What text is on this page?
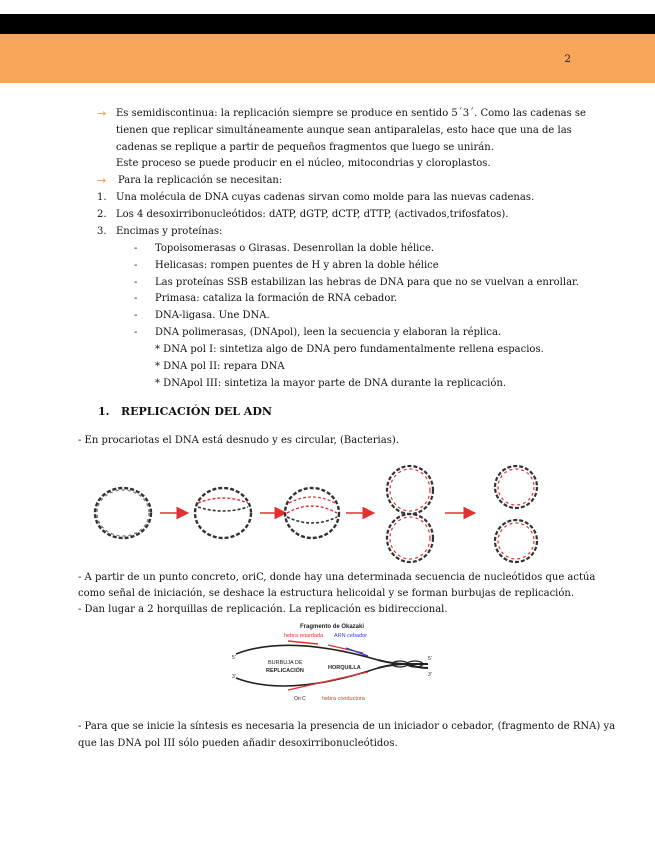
2
→ Es semidiscontinua: la replicación siempre se produce en sentido 5´3´. Como las cadenas se
tienen que replicar simultáneamente aunque sean antiparalelas, esto hace que una de las
cadenas se replique a partir de pequeños fragmentos que luego se unirán.
Este proceso se puede producir en el núcleo, mitocondrias y cloroplastos.
→ Para la replicación se necesitan:
1. Una molécula de DNA cuyas cadenas sirvan como molde para las nuevas cadenas.
2. Los 4 desoxirribonucleótidos: dATP, dGTP, dCTP, dTTP, (activados,trifosfatos).
3. Encimas y proteínas:
- Topoisomerasas o Girasas. Desenrollan la doble hélice.
- Helicasas: rompen puentes de H y abren la doble hélice
- Las proteínas SSB estabilizan las hebras de DNA para que no se vuelvan a enrollar.
- Primasa: cataliza la formación de RNA cebador.
- DNA-ligasa. Une DNA.
- DNA polimerasas, (DNApol), leen la secuencia y elaboran la réplica.
* DNA pol I: sintetiza algo de DNA pero fundamentalmente rellena espacios.
* DNA pol II: repara DNA
* DNApol III: sintetiza la mayor parte de DNA durante la replicación.
1. REPLICACIÓN DEL ADN
- En procariotas el DNA está desnudo y es circular, (Bacterias).
- A partir de un punto concreto, oriC, donde hay una determinada secuencia de nucleótidos que actúa
como señal de iniciación, se deshace la estructura helicoidal y se forman burbujas de replicación.
- Dan lugar a 2 horquillas de replicación. La replicación es bidireccional.
Fragmento de Okazaki
hebra retardada ARN cebador
5'
3'
BURBUJA DE
REPLICACIÓN	HORQUILLA
hebra conductora
Ori C
5'
3'
- Para que se inicie la síntesis es necesaria la presencia de un iniciador o cebador, (fragmento de RNA) ya
que las DNA pol III sólo pueden añadir desoxirribonucleótidos.
